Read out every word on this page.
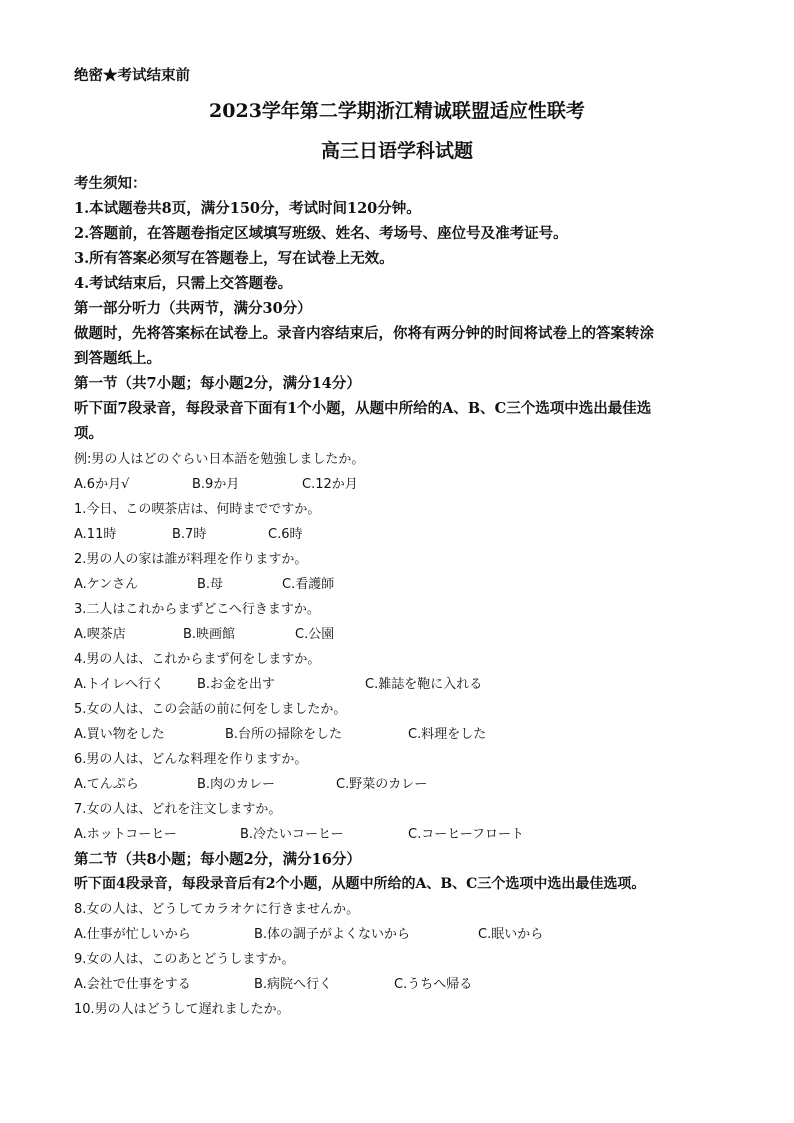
绝密★考试结束前
2023学年第二学期浙江精诚联盟适应性联考
高三日语学科试题
考生须知：
1.本试题卷共8页，满分150分，考试时间120分钟。
2.答题前，在答题卷指定区域填写班级、姓名、考场号、座位号及准考证号。
3.所有答案必须写在答题卷上，写在试卷上无效。
4.考试结束后，只需上交答题卷。
第一部分听力（共两节，满分30分）
做题时，先将答案标在试卷上。录音内容结束后，你将有两分钟的时间将试卷上的答案转涂
到答题纸上。
第一节（共7小题；每小题2分，满分14分）
听下面7段录音，每段录音下面有1个小题，从题中所给的A、B、C三个选项中选出最佳选
项。
例:男の人はどのぐらい日本語を勉強しましたか。
A.6か月√	B.9か月	C.12か月
1.今日、この喫茶店は、何時までですか。
A.11時	B.7時	C.6時
2.男の人の家は誰が料理を作りますか。
A.ケンさん	B.母	C.看護師
3.二人はこれからまずどこへ行きますか。
A.喫茶店	B.映画館	C.公園
4.男の人は、これからまず何をしますか。
A.トイレへ行く	B.お金を出す	C.雑誌を鞄に入れる
5.女の人は、この会話の前に何をしましたか。
A.買い物をした	B.台所の掃除をした	C.料理をした
6.男の人は、どんな料理を作りますか。
A.てんぷら	B.肉のカレー	C.野菜のカレー
7.女の人は、どれを注文しますか。
A.ホットコーヒー	B.冷たいコーヒー	C.コーヒーフロート
第二节（共8小题；每小题2分，满分16分）
听下面4段录音，每段录音后有2个小题，从题中所给的A、B、C三个选项中选出最佳选项。
8.女の人は、どうしてカラオケに行きませんか。
A.仕事が忙しいから	B.体の調子がよくないから	C.眠いから
9.女の人は、このあとどうしますか。
A.会社で仕事をする	B.病院へ行く	C.うちへ帰る
10.男の人はどうして遅れましたか。
